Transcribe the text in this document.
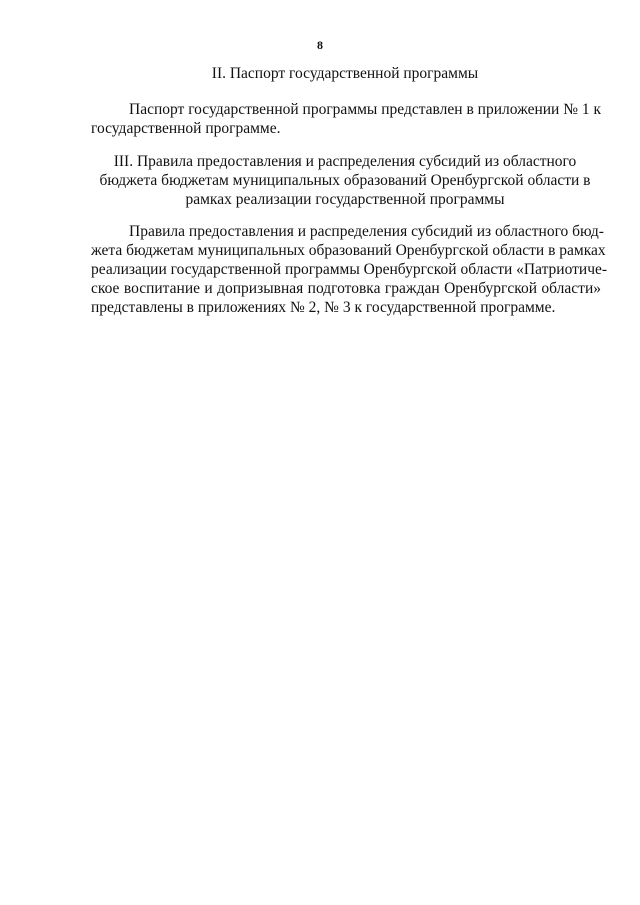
8
II. Паспорт государственной программы

Паспорт государственной программы представлен в приложении № 1 к
государственной программе.

III. Правила предоставления и распределения субсидий из областного
бюджета бюджетам муниципальных образований Оренбургской области в
рамках реализации государственной программы

Правила предоставления и распределения субсидий из областного бюд-
жета бюджетам муниципальных образований Оренбургской области в рамках
реализации государственной программы Оренбургской области «Патриотиче-
ское воспитание и допризывная подготовка граждан Оренбургской области»
представлены в приложениях № 2, № 3 к государственной программе.
